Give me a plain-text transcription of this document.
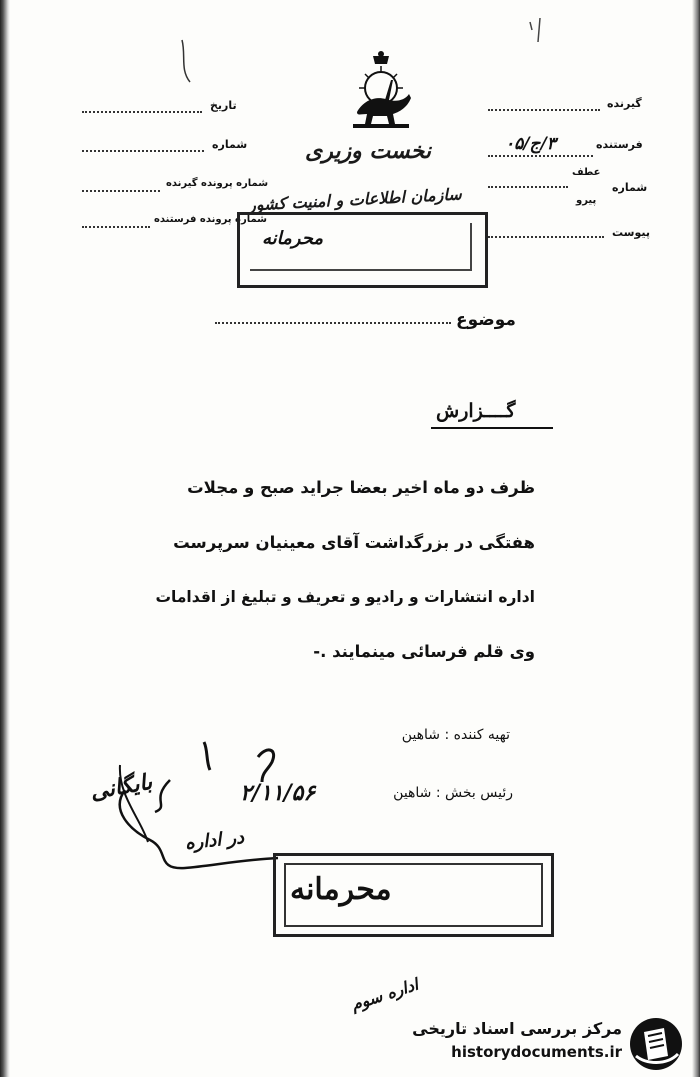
نخست وزیری
سازمان اطلاعات و امنیت کشور
تاریخ
شماره
شماره پرونده گیرنده
شماره پرونده فرستنده
گیرنده
فرستنده
۳/ج/۰۵
شماره
عطف
پیرو
پیوست
محرمانه
موضوع
گــــزارش
ظرف دو ماه اخیر بعضا جراید صبح و مجلات
هفتگی در بزرگداشت آقای معینیان سرپرست
اداره انتشارات و رادیو و تعریف و تبلیغ از اقدامات
وی قلم فرسائی مینمایند .-
تهیه کننده : شاهین
رئیس بخش : شاهین
۲/۱۱/۵۶
بایگانی
در اداره
محرمانه
اداره سوم
مرکز بررسی اسناد تاریخی
historydocuments.ir
